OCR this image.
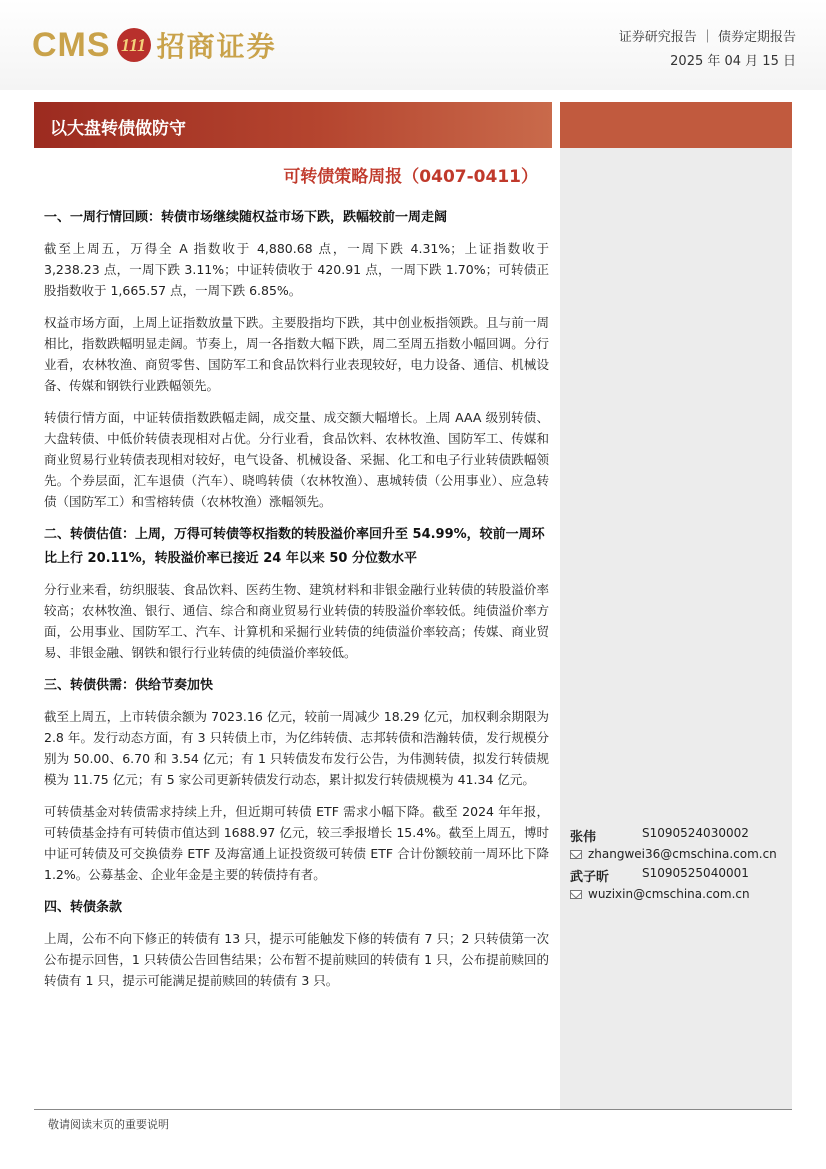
CMS 111 招商证券	证券研究报告 ｜ 债券定期报告
2025 年 04 月 15 日
以大盘转债做防守
可转债策略周报（0407-0411）
一、一周行情回顾：转债市场继续随权益市场下跌，跌幅较前一周走阔

截至上周五，万得全 A 指数收于 4,880.68 点，一周下跌 4.31%；上证指数收于 3,238.23 点，一周下跌 3.11%；中证转债收于 420.91 点，一周下跌 1.70%；可转债正股指数收于 1,665.57 点，一周下跌 6.85%。

权益市场方面，上周上证指数放量下跌。主要股指均下跌，其中创业板指领跌。且与前一周相比，指数跌幅明显走阔。节奏上，周一各指数大幅下跌，周二至周五指数小幅回调。分行业看，农林牧渔、商贸零售、国防军工和食品饮料行业表现较好，电力设备、通信、机械设备、传媒和钢铁行业跌幅领先。

转债行情方面，中证转债指数跌幅走阔，成交量、成交额大幅增长。上周 AAA 级别转债、大盘转债、中低价转债表现相对占优。分行业看，食品饮料、农林牧渔、国防军工、传媒和商业贸易行业转债表现相对较好，电气设备、机械设备、采掘、化工和电子行业转债跌幅领先。个券层面，汇车退债（汽车）、晓鸣转债（农林牧渔）、惠城转债（公用事业）、应急转债（国防军工）和雪榕转债（农林牧渔）涨幅领先。

二、转债估值：上周，万得可转债等权指数的转股溢价率回升至 54.99%，较前一周环比上行 20.11%，转股溢价率已接近 24 年以来 50 分位数水平

分行业来看，纺织服装、食品饮料、医药生物、建筑材料和非银金融行业转债的转股溢价率较高；农林牧渔、银行、通信、综合和商业贸易行业转债的转股溢价率较低。纯债溢价率方面，公用事业、国防军工、汽车、计算机和采掘行业转债的纯债溢价率较高；传媒、商业贸易、非银金融、钢铁和银行行业转债的纯债溢价率较低。

三、转债供需：供给节奏加快

截至上周五，上市转债余额为 7023.16 亿元，较前一周减少 18.29 亿元，加权剩余期限为 2.8 年。发行动态方面，有 3 只转债上市，为亿纬转债、志邦转债和浩瀚转债，发行规模分别为 50.00、6.70 和 3.54 亿元；有 1 只转债发布发行公告，为伟测转债，拟发行转债规模为 11.75 亿元；有 5 家公司更新转债发行动态，累计拟发行转债规模为 41.34 亿元。

可转债基金对转债需求持续上升，但近期可转债 ETF 需求小幅下降。截至 2024 年年报，可转债基金持有可转债市值达到 1688.97 亿元，较三季报增长 15.4%。截至上周五，博时中证可转债及可交换债券 ETF 及海富通上证投资级可转债 ETF 合计份额较前一周环比下降 1.2%。公募基金、企业年金是主要的转债持有者。

四、转债条款

上周，公布不向下修正的转债有 13 只，提示可能触发下修的转债有 7 只；2 只转债第一次公布提示回售，1 只转债公告回售结果；公布暂不提前赎回的转债有 1 只，公布提前赎回的转债有 1 只，提示可能满足提前赎回的转债有 3 只。

张伟	S1090524030002
zhangwei36@cmschina.com.cn
武子昕	S1090525040001
wuzixin@cmschina.com.cn
敬请阅读末页的重要说明
